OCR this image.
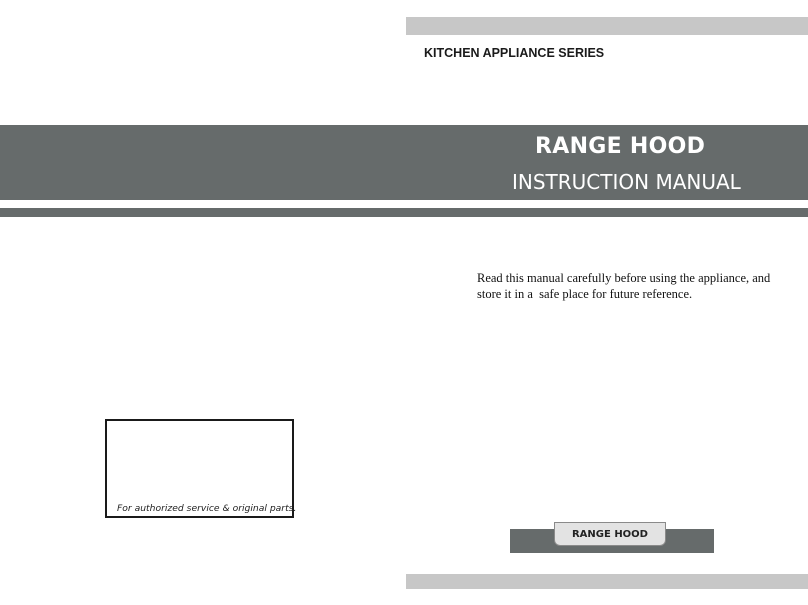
KITCHEN APPLIANCE SERIES
RANGE HOOD
INSTRUCTION MANUAL
Read this manual carefully before using the appliance, and
store it in a  safe place for future reference.
For authorized service & original parts.
RANGE HOOD
